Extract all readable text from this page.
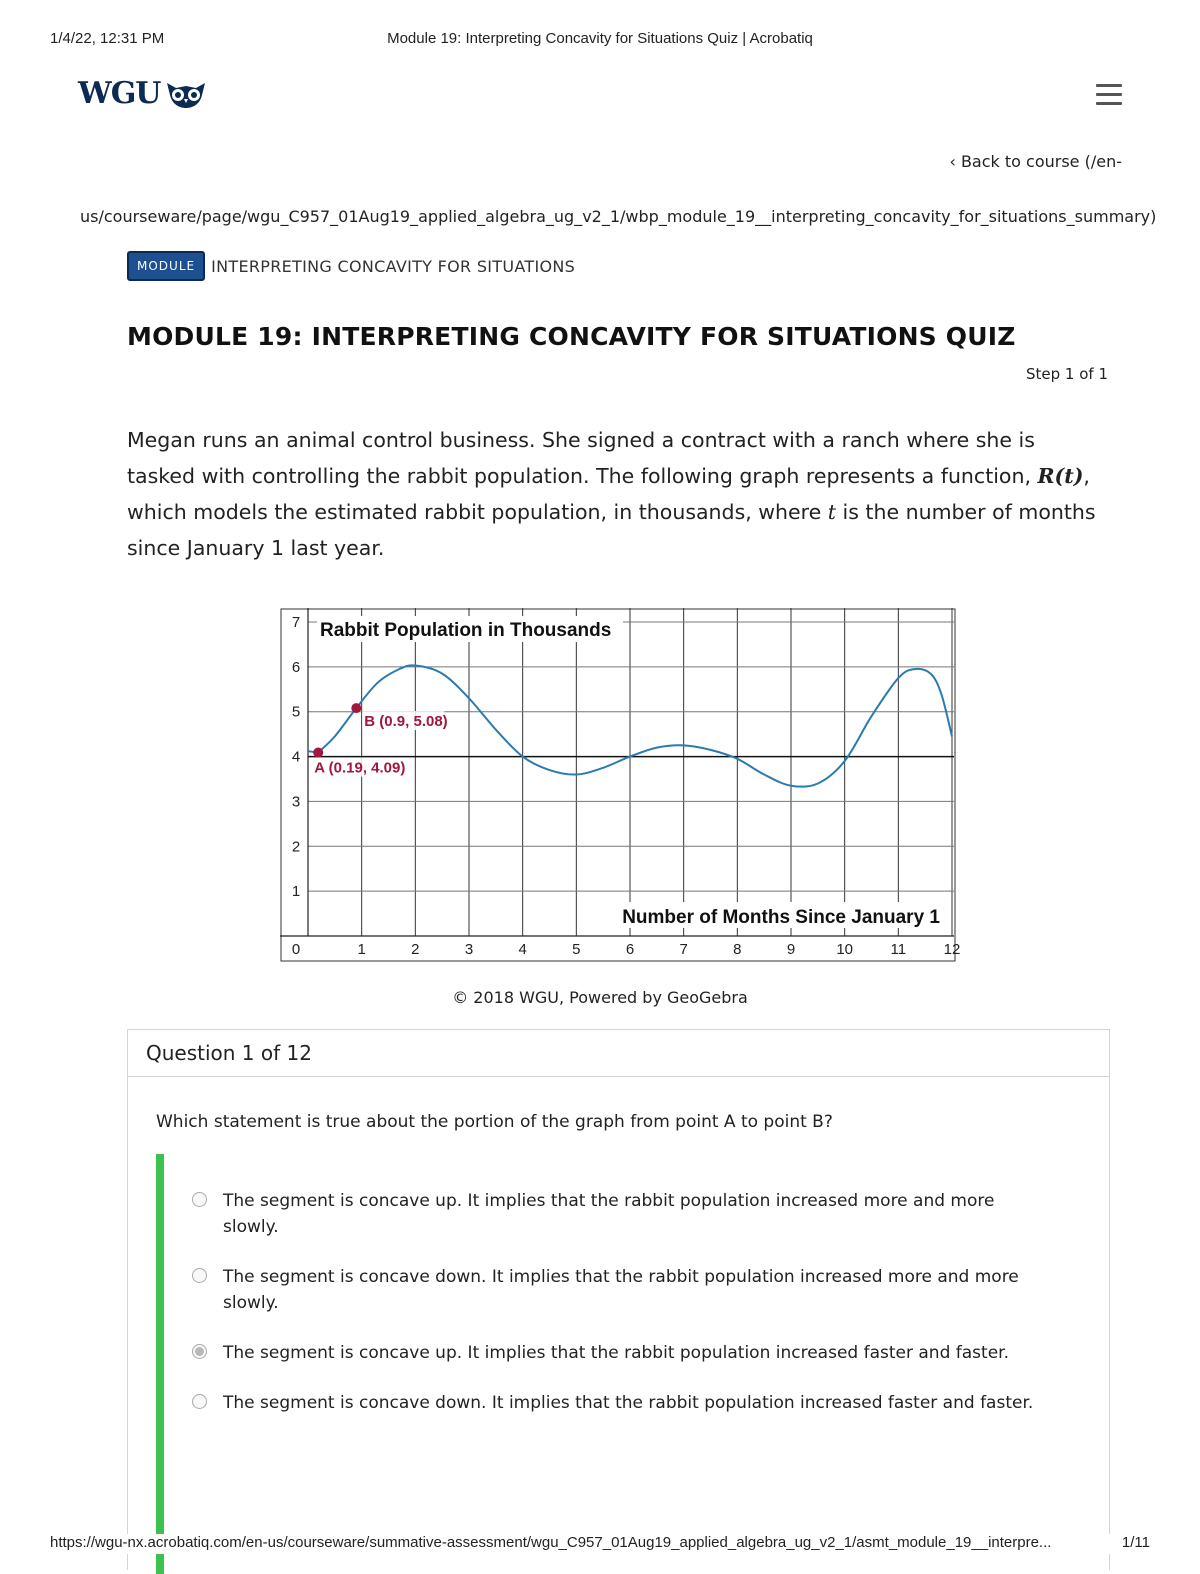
1/4/22, 12:31 PM	Module 19: Interpreting Concavity for Situations Quiz | Acrobatiq
WGU
‹ Back to course (/en-
us/courseware/page/wgu_C957_01Aug19_applied_algebra_ug_v2_1/wbp_module_19__interpreting_concavity_for_situations_summary)
MODULE	INTERPRETING CONCAVITY FOR SITUATIONS
MODULE 19: INTERPRETING CONCAVITY FOR SITUATIONS QUIZ
Step 1 of 1

Megan runs an animal control business. She signed a contract with a ranch where she is tasked with controlling the rabbit population. The following graph represents a function, R(t), which models the estimated rabbit population, in thousands, where t is the number of months since January 1 last year.

0	1	2	3	4	5	6	7	8	9	10	11	12
1
2
3
4
5
6
7 Rabbit Population in Thousands
Number of Months Since January 1
A (0.19, 4.09)
B (0.9, 5.08)
© 2018 WGU, Powered by GeoGebra
Question 1 of 12
Which statement is true about the portion of the graph from point A to point B?
The segment is concave up. It implies that the rabbit population increased more and more slowly.
The segment is concave down. It implies that the rabbit population increased more and more slowly.
The segment is concave up. It implies that the rabbit population increased faster and faster.
The segment is concave down. It implies that the rabbit population increased faster and faster.
https://wgu-nx.acrobatiq.com/en-us/courseware/summative-assessment/wgu_C957_01Aug19_applied_algebra_ug_v2_1/asmt_module_19__interpre...	1/11
